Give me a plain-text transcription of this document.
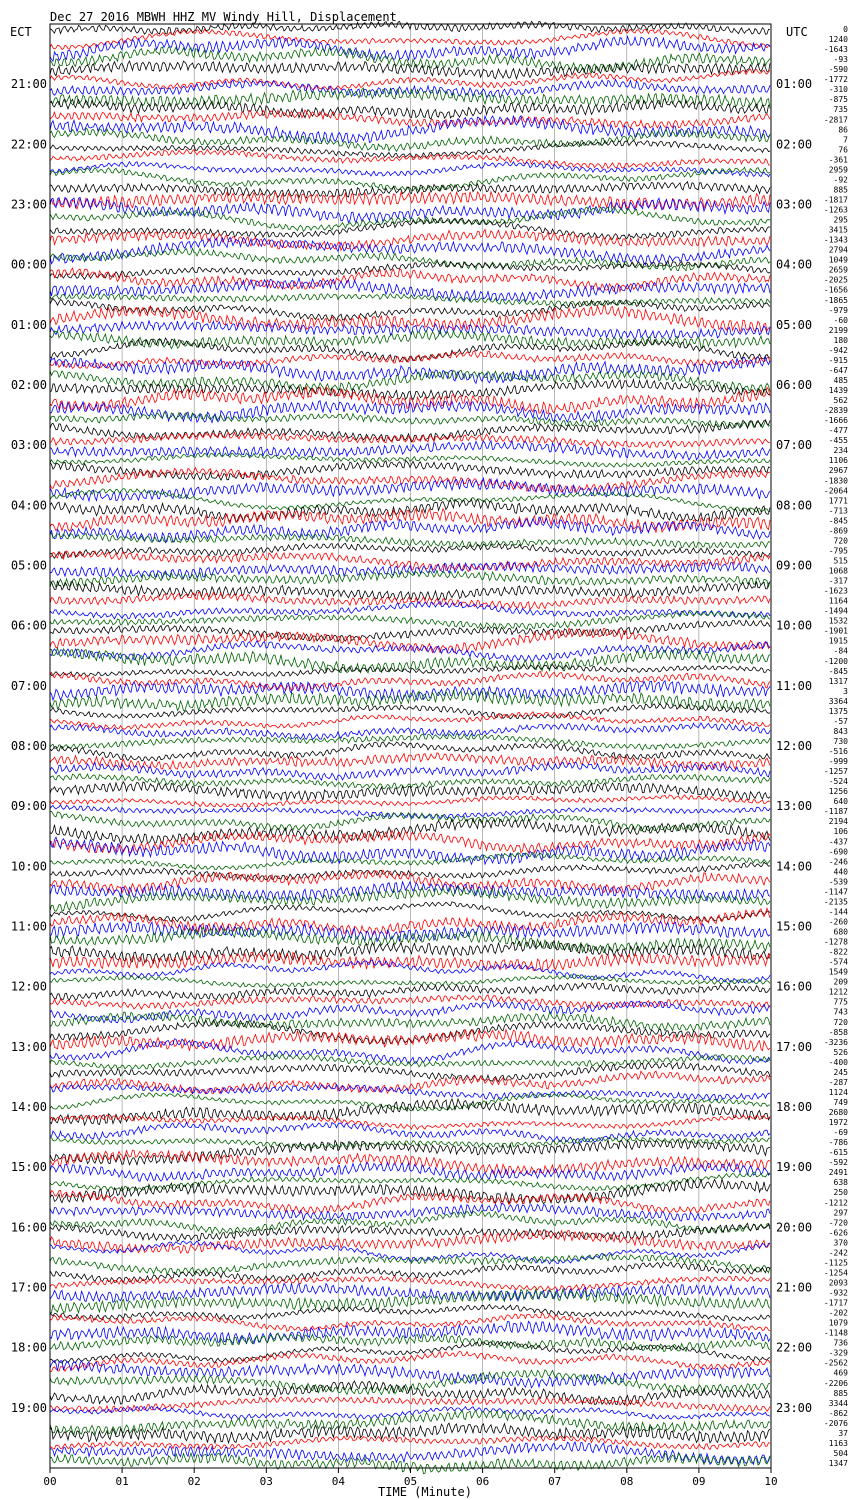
00	01	02	03	04	05	06	07	08	09	10
0
1240
-1643
-93
-590
-1772
-310
-875
735
-2817
86
7
76
-361
2959
-92
885
-1817
-1263
295
3415
-1343
2794
1049
2659
-2025
-1656
-1865
-979
-60
2199
180
-942
-915
-647
485
1439
562
-2839
-1666
-477
-455
234
1106
2967
-1830
-2064
1771
-713
-845
-869
720
-795
515
1068
-317
-1623
1164
-1494
1532
-1901
1915
-84
-1200
-845
1317
3
3364
1375
-57
843
730
-516
-999
-1257
-524
1256
640
-1187
2194
106
-437
-690
-246
440
-539
-1147
-2135
-144
-260
680
-1278
-822
-574
1549
209
1212
775
743
720
-858
-3236
526
-400
245
-287
1124
749
2680
1972
-69
-786
-615
-592
2491
638
250
-1212
297
-720
-626
370
-242
-1125
-1254
2093
-932
-1717
-202
1079
-1148
736
-329
-2562
469
-2206
885
3344
-862
-2076
37
1163
504
1347
21:00
22:00
23:00
00:00
01:00
02:00
03:00
04:00
05:00
06:00
07:00
08:00
09:00
10:00
11:00
12:00
13:00
14:00
15:00
16:00
17:00
18:00
19:00
01:00
02:00
03:00
04:00
05:00
06:00
07:00
08:00
09:00
10:00
11:00
12:00
13:00
14:00
15:00
16:00
17:00
18:00
19:00
20:00
21:00
22:00
23:00
Dec 27 2016 MBWH HHZ MV Windy Hill, Displacement
ECT	UTC
TIME (Minute)
